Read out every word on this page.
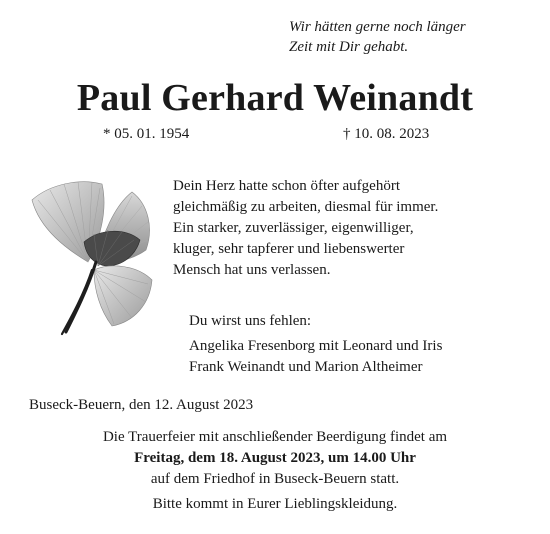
Wir hätten gerne noch länger
Zeit mit Dir gehabt.
Paul Gerhard Weinandt
* 05. 01. 1954	† 10. 08. 2023
Dein Herz hatte schon öfter aufgehört
gleichmäßig zu arbeiten, diesmal für immer.
Ein starker, zuverlässiger, eigenwilliger,
kluger, sehr tapferer und liebenswerter
Mensch hat uns verlassen.
Du wirst uns fehlen:
Angelika Fresenborg mit Leonard und Iris
Frank Weinandt und Marion Altheimer
Buseck-Beuern, den 12. August 2023
Die Trauerfeier mit anschließender Beerdigung findet am
Freitag, dem 18. August 2023, um 14.00 Uhr
auf dem Friedhof in Buseck-Beuern statt.
Bitte kommt in Eurer Lieblingskleidung.
